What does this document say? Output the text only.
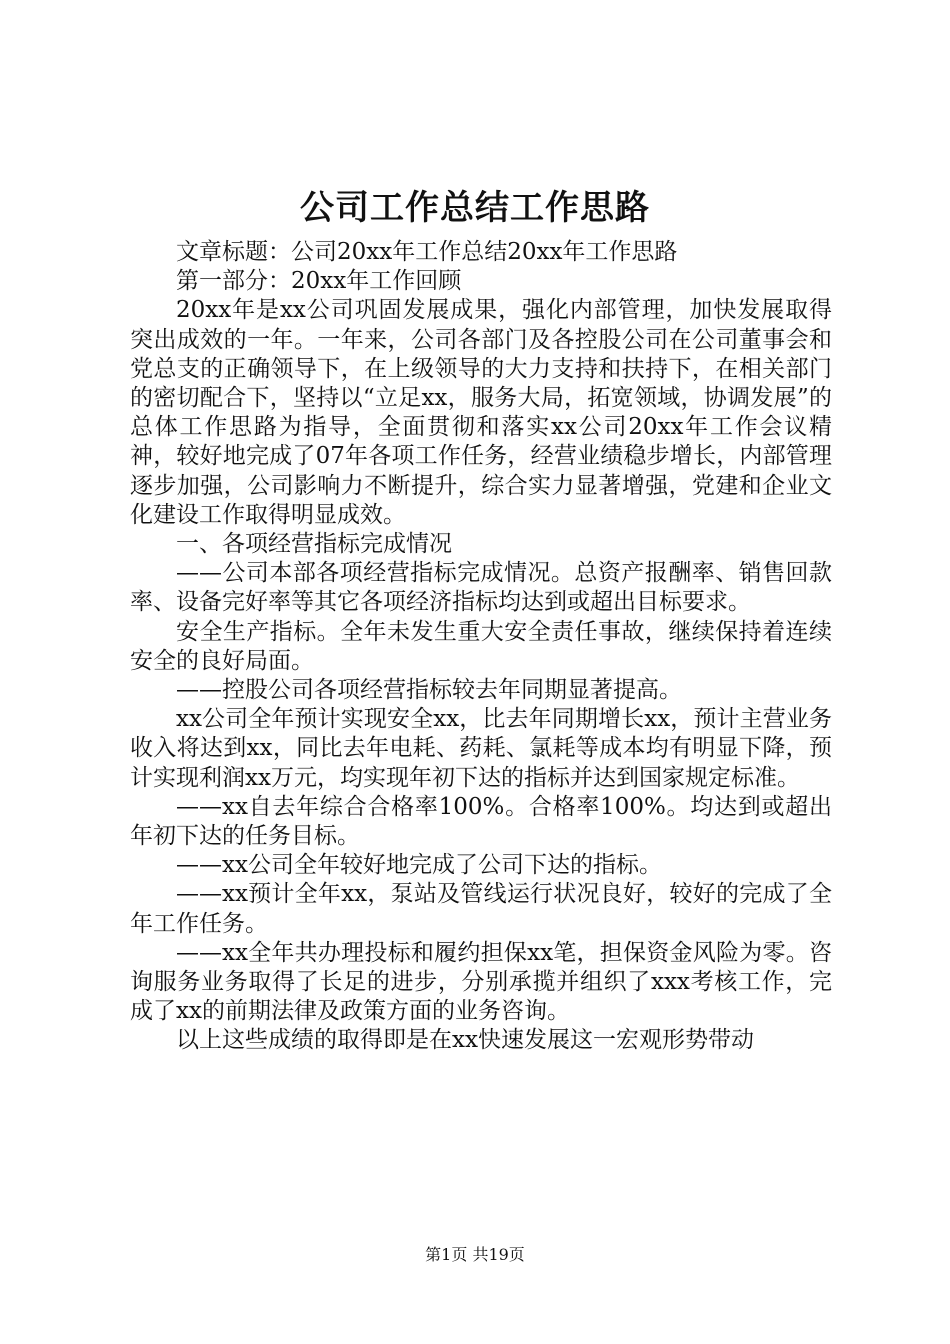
公司工作总结工作思路

文章标题：公司20xx年工作总结20xx年工作思路

第一部分：20xx年工作回顾

20xx年是xx公司巩固发展成果，强化内部管理，加快发展取得突出成效的一年。一年来，公司各部门及各控股公司在公司董事会和党总支的正确领导下，在上级领导的大力支持和扶持下，在相关部门的密切配合下，坚持以“立足xx，服务大局，拓宽领域，协调发展”的总体工作思路为指导，全面贯彻和落实xx公司20xx年工作会议精神，较好地完成了07年各项工作任务，经营业绩稳步增长，内部管理逐步加强，公司影响力不断提升，综合实力显著增强，党建和企业文化建设工作取得明显成效。

一、各项经营指标完成情况

——公司本部各项经营指标完成情况。总资产报酬率、销售回款率、设备完好率等其它各项经济指标均达到或超出目标要求。

安全生产指标。全年未发生重大安全责任事故，继续保持着连续安全的良好局面。

——控股公司各项经营指标较去年同期显著提高。

xx公司全年预计实现安全xx，比去年同期增长xx，预计主营业务收入将达到xx，同比去年电耗、药耗、氯耗等成本均有明显下降，预计实现利润xx万元，均实现年初下达的指标并达到国家规定标准。

——xx自去年综合合格率100%。合格率100%。均达到或超出年初下达的任务目标。

——xx公司全年较好地完成了公司下达的指标。

——xx预计全年xx，泵站及管线运行状况良好，较好的完成了全年工作任务。

——xx全年共办理投标和履约担保xx笔，担保资金风险为零。咨询服务业务取得了长足的进步，分别承揽并组织了xxx考核工作，完成了xx的前期法律及政策方面的业务咨询。

以上这些成绩的取得即是在xx快速发展这一宏观形势带动

第1页 共19页
